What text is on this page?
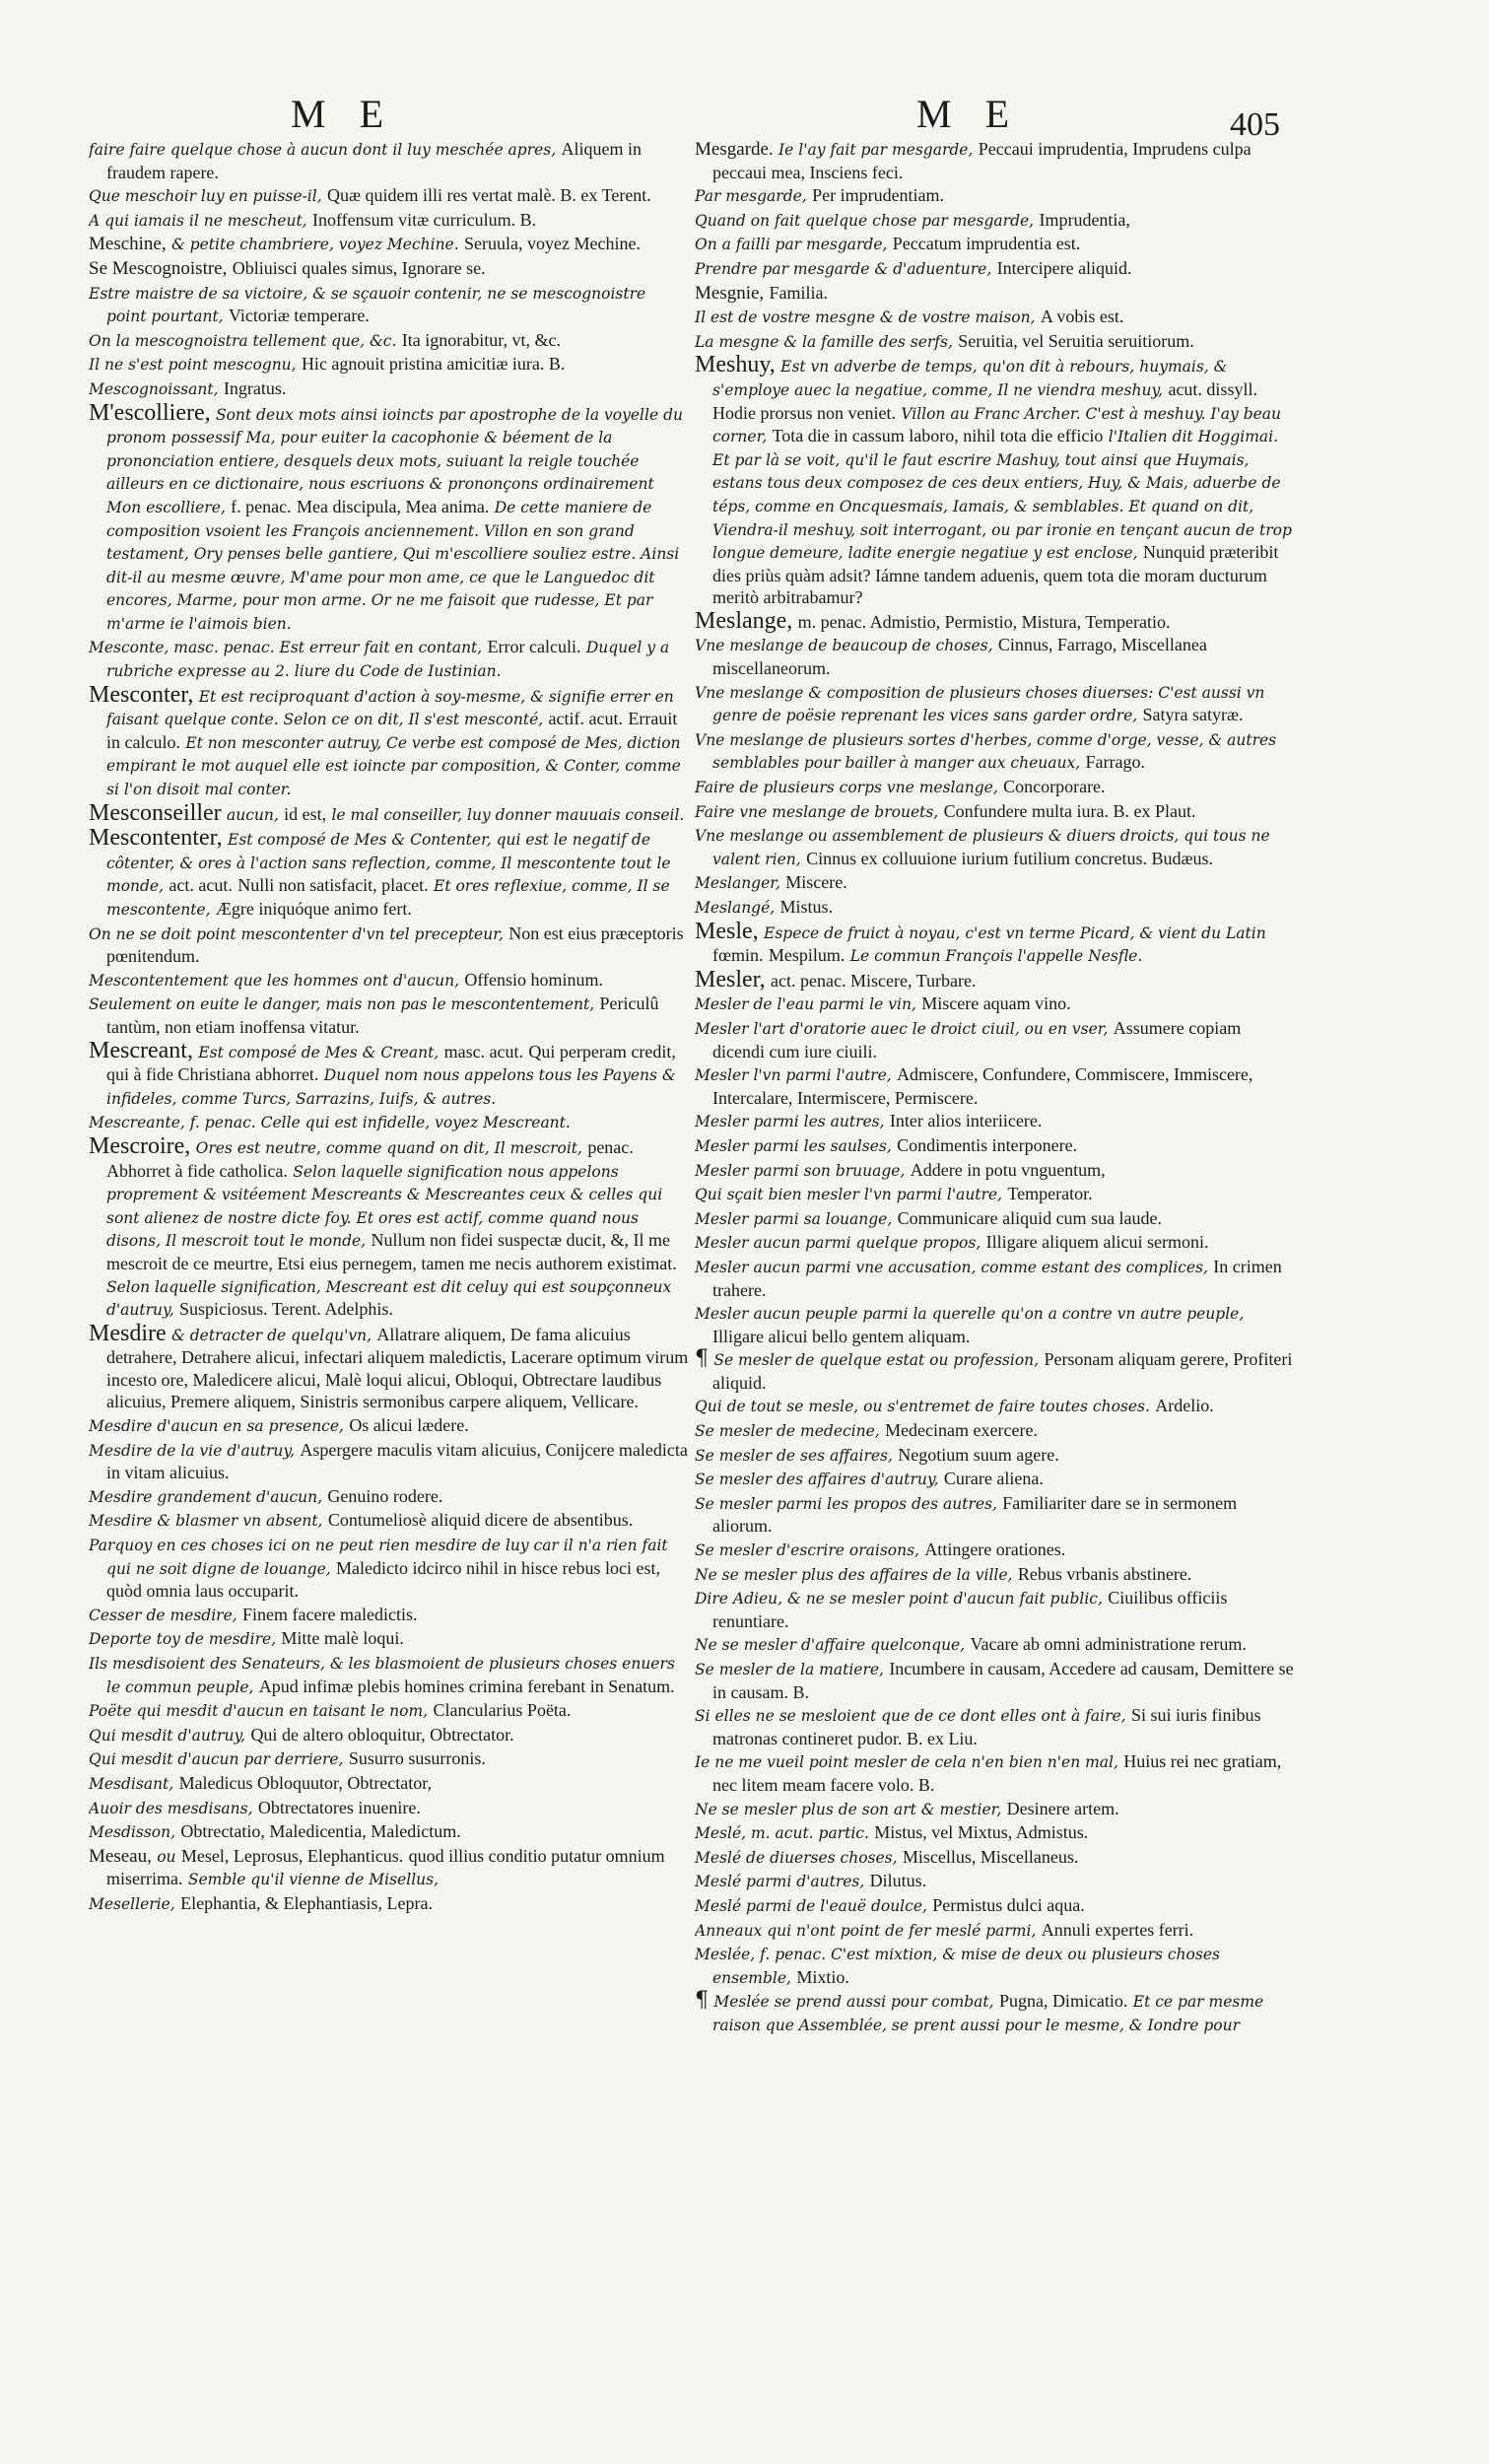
M E	M E	405

faire faire quelque chose à aucun dont il luy meschée apres, Aliquem in fraudem rapere.

Que meschoir luy en puisse-il, Quæ quidem illi res vertat malè. B. ex Terent.

A qui iamais il ne mescheut, Inoffensum vitæ curriculum. B.

Meschine, & petite chambriere, voyez Mechine. Seruula, voyez Mechine.

Se Mescognoistre, Obliuisci quales simus, Ignorare se.

Estre maistre de sa victoire, & se sçauoir contenir, ne se mescognoistre point pourtant, Victoriæ temperare.

On la mescognoistra tellement que, &c. Ita ignorabitur, vt, &c.

Il ne s'est point mescognu, Hic agnouit pristina amicitiæ iura. B.

Mescognoissant, Ingratus.

M'escolliere, Sont deux mots ainsi ioincts par apostrophe de la voyelle du pronom possessif Ma, pour euiter la cacophonie & béement de la prononciation entiere, desquels deux mots, suiuant la reigle touchée ailleurs en ce dictionaire, nous escriuons & prononçons ordinairement Mon escolliere, f. penac. Mea discipula, Mea anima. De cette maniere de composition vsoient les François anciennement. Villon en son grand testament, Ory penses belle gantiere, Qui m'escolliere souliez estre. Ainsi dit-il au mesme œuvre, M'ame pour mon ame, ce que le Languedoc dit encores, Marme, pour mon arme. Or ne me faisoit que rudesse, Et par m'arme ie l'aimois bien.

Mesconte, masc. penac. Est erreur fait en contant, Error calculi. Duquel y a rubriche expresse au 2. liure du Code de Iustinian.

Mesconter, Et est reciproquant d'action à soy-mesme, & signifie errer en faisant quelque conte. Selon ce on dit, Il s'est mesconté, actif. acut. Errauit in calculo. Et non mesconter autruy, Ce verbe est composé de Mes, diction empirant le mot auquel elle est ioincte par composition, & Conter, comme si l'on disoit mal conter.

Mesconseiller aucun, id est, le mal conseiller, luy donner mauuais conseil.

Mescontenter, Est composé de Mes & Contenter, qui est le negatif de côtenter, & ores à l'action sans reflection, comme, Il mescontente tout le monde, act. acut. Nulli non satisfacit, placet. Et ores reflexiue, comme, Il se mescontente, Ægre iniquóque animo fert.

On ne se doit point mescontenter d'vn tel precepteur, Non est eius præceptoris pœnitendum.

Mescontentement que les hommes ont d'aucun, Offensio hominum.

Seulement on euite le danger, mais non pas le mescontentement, Periculû tantùm, non etiam inoffensa vitatur.

Mescreant, Est composé de Mes & Creant, masc. acut. Qui perperam credit, qui à fide Christiana abhorret. Duquel nom nous appelons tous les Payens & infideles, comme Turcs, Sarrazins, Iuifs, & autres.

Mescreante, f. penac. Celle qui est infidelle, voyez Mescreant.

Mescroire, Ores est neutre, comme quand on dit, Il mescroit, penac. Abhorret à fide catholica. Selon laquelle signification nous appelons proprement & vsitéement Mescreants & Mescreantes ceux & celles qui sont alienez de nostre dicte foy. Et ores est actif, comme quand nous disons, Il mescroit tout le monde, Nullum non fidei suspectæ ducit, &, Il me mescroit de ce meurtre, Etsi eius pernegem, tamen me necis authorem existimat. Selon laquelle signification, Mescreant est dit celuy qui est soupçonneux d'autruy, Suspiciosus. Terent. Adelphis.

Mesdire & detracter de quelqu'vn, Allatrare aliquem, De fama alicuius detrahere, Detrahere alicui, infectari aliquem maledictis, Lacerare optimum virum incesto ore, Maledicere alicui, Malè loqui alicui, Obloqui, Obtrectare laudibus alicuius, Premere aliquem, Sinistris sermonibus carpere aliquem, Vellicare.

Mesdire d'aucun en sa presence, Os alicui lædere.

Mesdire de la vie d'autruy, Aspergere maculis vitam alicuius, Conijcere maledicta in vitam alicuius.

Mesdire grandement d'aucun, Genuino rodere.

Mesdire & blasmer vn absent, Contumeliosè aliquid dicere de absentibus.

Parquoy en ces choses ici on ne peut rien mesdire de luy car il n'a rien fait qui ne soit digne de louange, Maledicto idcirco nihil in hisce rebus loci est, quòd omnia laus occuparit.

Cesser de mesdire, Finem facere maledictis.

Deporte toy de mesdire, Mitte malè loqui.

Ils mesdisoient des Senateurs, & les blasmoient de plusieurs choses enuers le commun peuple, Apud infimæ plebis homines crimina ferebant in Senatum.

Poëte qui mesdit d'aucun en taisant le nom, Clancularius Poëta.

Qui mesdit d'autruy, Qui de altero obloquitur, Obtrectator.

Qui mesdit d'aucun par derriere, Susurro susurronis.

Mesdisant, Maledicus Obloquutor, Obtrectator,

Auoir des mesdisans, Obtrectatores inuenire.

Mesdisson, Obtrectatio, Maledicentia, Maledictum.

Meseau, ou Mesel, Leprosus, Elephanticus. quod illius conditio putatur omnium miserrima. Semble qu'il vienne de Misellus,

Mesellerie, Elephantia, & Elephantiasis, Lepra.

Mesgarde. Ie l'ay fait par mesgarde, Peccaui imprudentia, Imprudens culpa peccaui mea, Insciens feci.

Par mesgarde, Per imprudentiam.

Quand on fait quelque chose par mesgarde, Imprudentia,

On a failli par mesgarde, Peccatum imprudentia est.

Prendre par mesgarde & d'aduenture, Intercipere aliquid.

Mesgnie, Familia.

Il est de vostre mesgne & de vostre maison, A vobis est.

La mesgne & la famille des serfs, Seruitia, vel Seruitia seruitiorum.

Meshuy, Est vn adverbe de temps, qu'on dit à rebours, huymais, & s'employe auec la negatiue, comme, Il ne viendra meshuy, acut. dissyll. Hodie prorsus non veniet. Villon au Franc Archer. C'est à meshuy. I'ay beau corner, Tota die in cassum laboro, nihil tota die efficio l'Italien dit Hoggimai. Et par là se voit, qu'il le faut escrire Mashuy, tout ainsi que Huymais, estans tous deux composez de ces deux entiers, Huy, & Mais, aduerbe de téps, comme en Oncquesmais, Iamais, & semblables. Et quand on dit, Viendra-il meshuy, soit interrogant, ou par ironie en tençant aucun de trop longue demeure, ladite energie negatiue y est enclose, Nunquid præteribit dies priùs quàm adsit? Iámne tandem aduenis, quem tota die moram ducturum meritò arbitrabamur?

Meslange, m. penac. Admistio, Permistio, Mistura, Temperatio.

Vne meslange de beaucoup de choses, Cinnus, Farrago, Miscellanea miscellaneorum.

Vne meslange & composition de plusieurs choses diuerses: C'est aussi vn genre de poësie reprenant les vices sans garder ordre, Satyra satyræ.

Vne meslange de plusieurs sortes d'herbes, comme d'orge, vesse, & autres semblables pour bailler à manger aux cheuaux, Farrago.

Faire de plusieurs corps vne meslange, Concorporare.

Faire vne meslange de brouets, Confundere multa iura. B. ex Plaut.

Vne meslange ou assemblement de plusieurs & diuers droicts, qui tous ne valent rien, Cinnus ex colluuione iurium futilium concretus. Budæus.

Meslanger, Miscere.

Meslangé, Mistus.

Mesle, Espece de fruict à noyau, c'est vn terme Picard, & vient du Latin fœmin. Mespilum. Le commun François l'appelle Nesfle.

Mesler, act. penac. Miscere, Turbare.

Mesler de l'eau parmi le vin, Miscere aquam vino.

Mesler l'art d'oratorie auec le droict ciuil, ou en vser, Assumere copiam dicendi cum iure ciuili.

Mesler l'vn parmi l'autre, Admiscere, Confundere, Commiscere, Immiscere, Intercalare, Intermiscere, Permiscere.

Mesler parmi les autres, Inter alios interiicere.

Mesler parmi les saulses, Condimentis interponere.

Mesler parmi son bruuage, Addere in potu vnguentum,

Qui sçait bien mesler l'vn parmi l'autre, Temperator.

Mesler parmi sa louange, Communicare aliquid cum sua laude.

Mesler aucun parmi quelque propos, Illigare aliquem alicui sermoni.

Mesler aucun parmi vne accusation, comme estant des complices, In crimen trahere.

Mesler aucun peuple parmi la querelle qu'on a contre vn autre peuple, Illigare alicui bello gentem aliquam.

¶ Se mesler de quelque estat ou profession, Personam aliquam gerere, Profiteri aliquid.

Qui de tout se mesle, ou s'entremet de faire toutes choses. Ardelio.

Se mesler de medecine, Medecinam exercere.

Se mesler de ses affaires, Negotium suum agere.

Se mesler des affaires d'autruy, Curare aliena.

Se mesler parmi les propos des autres, Familiariter dare se in sermonem aliorum.

Se mesler d'escrire oraisons, Attingere orationes.

Ne se mesler plus des affaires de la ville, Rebus vrbanis abstinere.

Dire Adieu, & ne se mesler point d'aucun fait public, Ciuilibus officiis renuntiare.

Ne se mesler d'affaire quelconque, Vacare ab omni administratione rerum.

Se mesler de la matiere, Incumbere in causam, Accedere ad causam, Demittere se in causam. B.

Si elles ne se mesloient que de ce dont elles ont à faire, Si sui iuris finibus matronas contineret pudor. B. ex Liu.

Ie ne me vueil point mesler de cela n'en bien n'en mal, Huius rei nec gratiam, nec litem meam facere volo. B.

Ne se mesler plus de son art & mestier, Desinere artem.

Meslé, m. acut. partic. Mistus, vel Mixtus, Admistus.

Meslé de diuerses choses, Miscellus, Miscellaneus.

Meslé parmi d'autres, Dilutus.

Meslé parmi de l'eauë doulce, Permistus dulci aqua.

Anneaux qui n'ont point de fer meslé parmi, Annuli expertes ferri.

Meslée, f. penac. C'est mixtion, & mise de deux ou plusieurs choses ensemble, Mixtio.

¶ Meslée se prend aussi pour combat, Pugna, Dimicatio. Et ce par mesme raison que Assemblée, se prent aussi pour le mesme, & Iondre pour
